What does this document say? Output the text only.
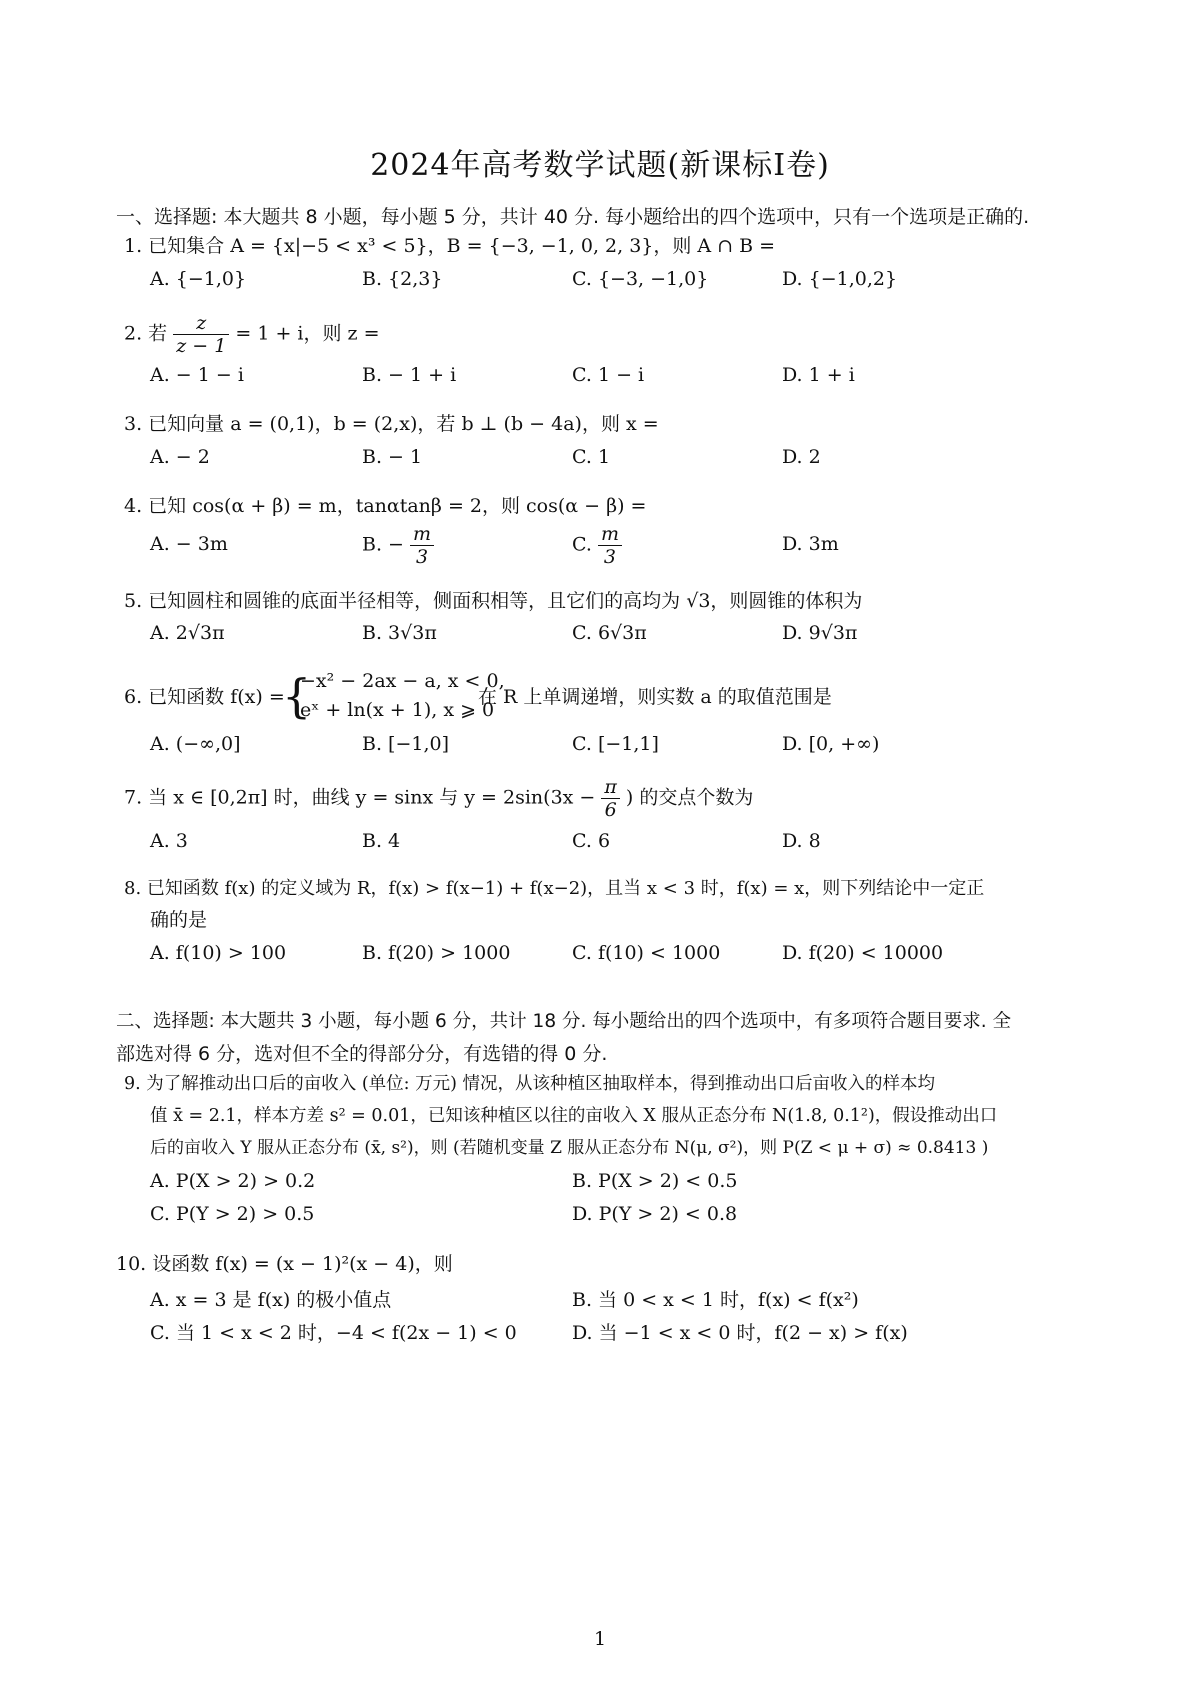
2024年高考数学试题(新课标Ⅰ卷)
一、选择题: 本大题共 8 小题，每小题 5 分，共计 40 分. 每小题给出的四个选项中，只有一个选项是正确的.
1. 已知集合 A = {x|−5 < x³ < 5}，B = {−3, −1, 0, 2, 3}，则 A ∩ B =
A. {−1,0}	B. {2,3}	C. {−3, −1,0}	D. {−1,0,2}
2. 若 $\frac{z}{z - 1} = 1 + i$，则 z =
A. − 1 − i	B. − 1 + i	C. 1 − i	D. 1 + i
3. 已知向量 a = (0,1)，b = (2,x)，若 b ⊥ (b − 4a)，则 x =
A. − 2	B. − 1	C. 1	D. 2
4. 已知 cos(α + β) = m，tanαtanβ = 2，则 cos(α − β) =
A. − 3m	B. − $\frac{m}{3}$	C. $\frac{m}{3}$	D. 3m
5. 已知圆柱和圆锥的底面半径相等，侧面积相等，且它们的高均为 √3，则圆锥的体积为
A. 2√3π	B. 3√3π	C. 6√3π	D. 9√3π
6. 已知函数 f(x) =
{
−x² − 2ax − a, x < 0,
eˣ + ln(x + 1), x ⩾ 0
在 R 上单调递增，则实数 a 的取值范围是
A. (−∞,0]	B. [−1,0]	C. [−1,1]	D. [0, +∞)
7. 当 x ∈ [0,2π] 时，曲线 y = sinx 与 $y = 2\sin(3x - \frac{\pi}{6}$ ) 的交点个数为
A. 3	B. 4	C. 6	D. 8
8. 已知函数 f(x) 的定义域为 R，f(x) > f(x−1) + f(x−2)，且当 x < 3 时，f(x) = x，则下列结论中一定正
确的是
A. f(10) > 100	B. f(20) > 1000	C. f(10) < 1000	D. f(20) < 10000
二、选择题: 本大题共 3 小题，每小题 6 分，共计 18 分. 每小题给出的四个选项中，有多项符合题目要求. 全
部选对得 6 分，选对但不全的得部分分，有选错的得 0 分.
9. 为了解推动出口后的亩收入 (单位: 万元) 情况，从该种植区抽取样本，得到推动出口后亩收入的样本均
值 x̄ = 2.1，样本方差 s² = 0.01，已知该种植区以往的亩收入 X 服从正态分布 N(1.8, 0.1²)，假设推动出口
后的亩收入 Y 服从正态分布 (x̄, s²)，则 (若随机变量 Z 服从正态分布 N(μ, σ²)，则 P(Z < μ + σ) ≈ 0.8413 )
A. P(X > 2) > 0.2	B. P(X > 2) < 0.5
C. P(Y > 2) > 0.5	D. P(Y > 2) < 0.8
10. 设函数 f(x) = (x − 1)²(x − 4)，则
A. x = 3 是 f(x) 的极小值点	B. 当 0 < x < 1 时，f(x) < f(x²)
C. 当 1 < x < 2 时，−4 < f(2x − 1) < 0	D. 当 −1 < x < 0 时，f(2 − x) > f(x)
1
